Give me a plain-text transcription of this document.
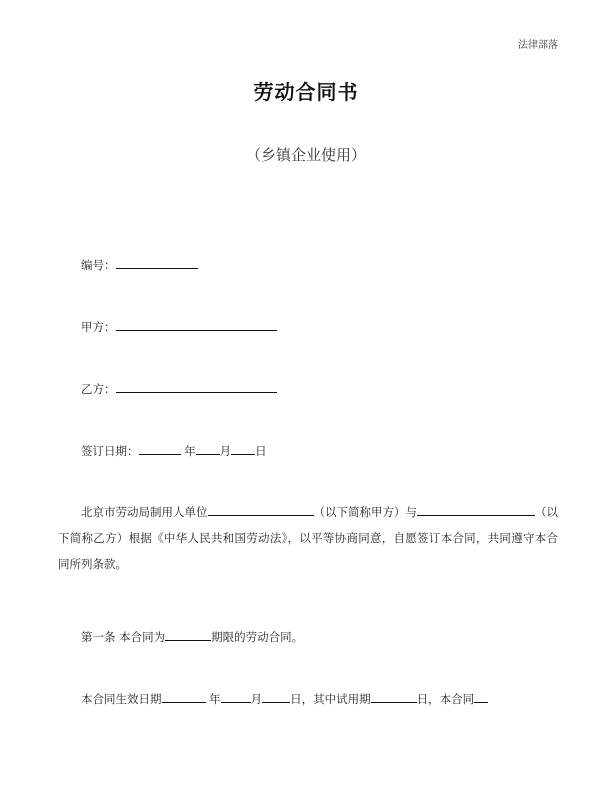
法律部落
劳动合同书
（乡镇企业使用）
编号：
甲方：
乙方：
签订日期：	年 月 日
北京市劳动局制用人单位	（以下简称甲方）与	（以下简称乙方）根据《中华人民共和国劳动法》，以平等协商同意，自愿签订本合同，共同遵守本合同所列条款。
第一条 本合同为	期限的劳动合同。
本合同生效日期	年	月 日，其中试用期	日，本合同
